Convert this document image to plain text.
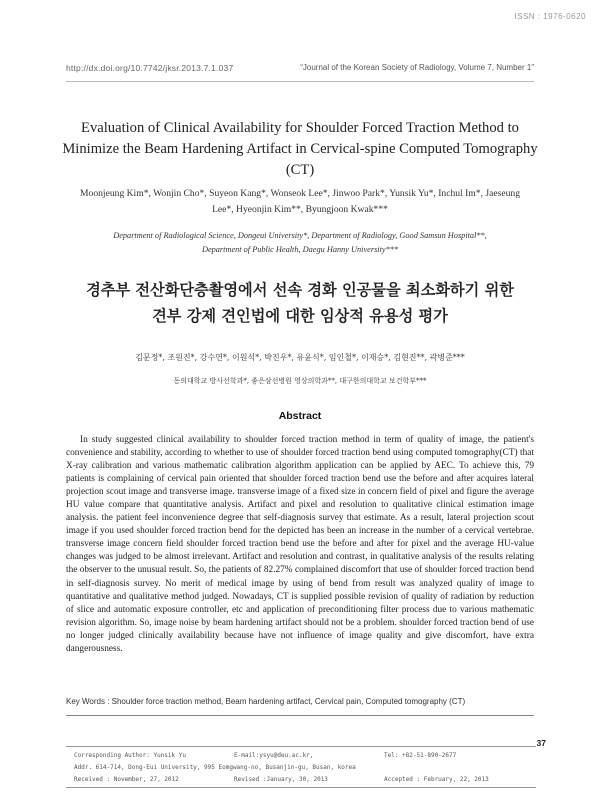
ISSN : 1976-0620
http://dx.doi.org/10.7742/jksr.2013.7.1.037	“Journal of the Korean Society of Radiology, Volume 7, Number 1”
Evaluation of Clinical Availability for Shoulder Forced Traction Method to Minimize the Beam Hardening Artifact in Cervical-spine Computed Tomography (CT)
Moonjeung Kim*, Wonjin Cho*, Suyeon Kang*, Wonseok Lee*, Jinwoo Park*, Yunsik Yu*, Inchul Im*, Jaeseung
Lee*, Hyeonjin Kim**, Byungjoon Kwak***
Department of Radiological Science, Dongeui University*, Department of Radiology, Good Samsun Hospital**,
Department of Public Health, Daegu Hanny University***
경추부 전산화단층촬영에서 선속 경화 인공물을 최소화하기 위한
견부 강제 견인법에 대한 임상적 유용성 평가
김문정*, 조원진*, 강수연*, 이원석*, 박진우*, 유윤식*, 임인철*, 이재승*, 김현진**, 곽병준***
동의대학교 방사선학과*, 좋은삼선병원 영상의학과**, 대구한의대학교 보건학부***
Abstract
In study suggested clinical availability to shoulder forced traction method in term of quality of image, the patient's convenience and stability, according to whether to use of shoulder forced traction bend using computed tomography(CT) that X-ray calibration and various mathematic calibration algorithm application can be applied by AEC. To achieve this, 79 patients is complaining of cervical pain oriented that shoulder forced traction bend use the before and after acquires lateral projection scout image and transverse image. transverse image of a fixed size in concern field of pixel and figure the average HU value compare that quantitative analysis. Artifact and pixel and resolution to qualitative clinical estimation image analysis. the patient feel inconvenience degree that self-diagnosis survey that estimate. As a result, lateral projection scout image if you used shoulder forced traction bend for the depicted has been an increase in the number of a cervical vertebrae. transverse image concern field shoulder forced traction bend use the before and after for pixel and the average HU-value changes was judged to be almost irrelevant. Artifact and resolution and contrast, in qualitative analysis of the results relating the observer to the unusual result. So, the patients of 82.27% complained discomfort that use of shoulder forced traction bend in self-diagnosis survey. No merit of medical image by using of bend from result was analyzed quality of image to quantitative and qualitative method judged. Nowadays, CT is supplied possible revision of quality of radiation by reduction of slice and automatic exposure controller, etc and application of preconditioning filter process due to various mathematic revision algorithm. So, image noise by beam hardening artifact should not be a problem. shoulder forced traction bend of use no longer judged clinically availability because have not influence of image quality and give discomfort, have extra dangerousness.
Key Words : Shoulder force traction method, Beam hardening artifact, Cervical pain, Computed tomography (CT)
37
Corresponding Author: Yunsik Yu	E-mail:ysyu@deu.ac.kr,	Tel: +82-51-890-2677
Addr. 614-714, Dong-Eui University, 995 Eomgwang-no, Busanjin-gu, Busan, korea
Received : November, 27, 2012	Revised :January, 30, 2013	Accepted : February, 22, 2013
